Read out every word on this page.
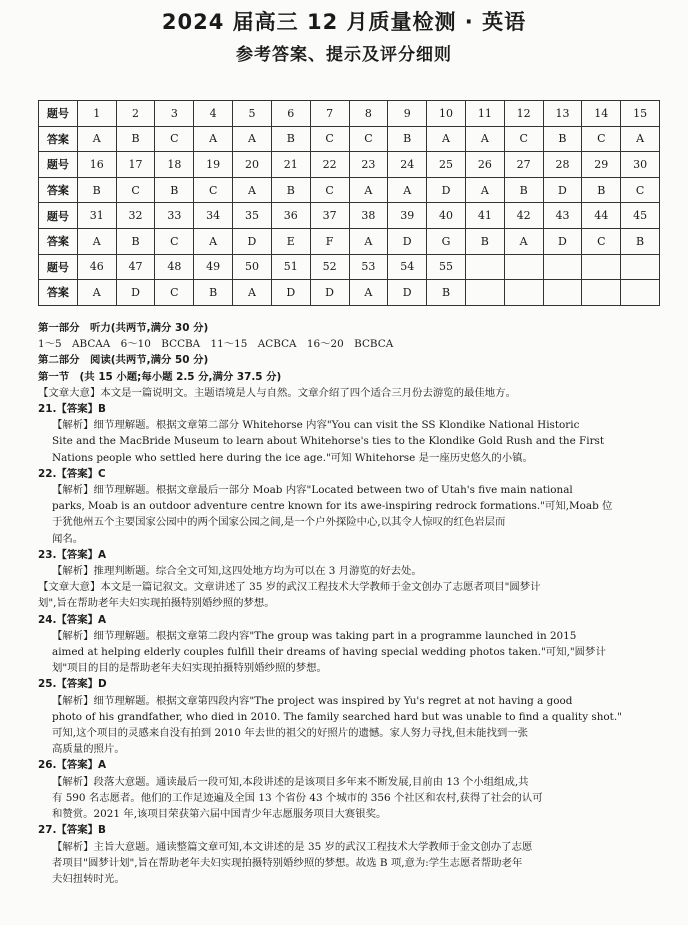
2024 届高三 12 月质量检测 · 英语
参考答案、提示及评分细则
题号	1	2	3	4	5	6	7	8	9	10	11	12	13	14	15
答案	A	B	C	A	A	B	C	C	B	A	A	C	B	C	A
题号	16	17	18	19	20	21	22	23	24	25	26	27	28	29	30
答案	B	C	B	C	A	B	C	A	A	D	A	B	D	B	C
题号	31	32	33	34	35	36	37	38	39	40	41	42	43	44	45
答案	A	B	C	A	D	E	F	A	D	G	B	A	D	C	B
题号	46	47	48	49	50	51	52	53	54	55					
答案	A	D	C	B	A	D	D	A	D	B					
第一部分　听力(共两节,满分 30 分)
1～5　ABCAA　6～10　BCCBA　11～15　ACBCA　16～20　BCBCA
第二部分　阅读(共两节,满分 50 分)
第一节　(共 15 小题;每小题 2.5 分,满分 37.5 分)
【文章大意】本文是一篇说明文。主题语境是人与自然。文章介绍了四个适合三月份去游览的最佳地方。
21.【答案】B
【解析】细节理解题。根据文章第二部分 Whitehorse 内容"You can visit the SS Klondike National Historic
Site and the MacBride Museum to learn about Whitehorse's ties to the Klondike Gold Rush and the First
Nations people who settled here during the ice age."可知 Whitehorse 是一座历史悠久的小镇。
22.【答案】C
【解析】细节理解题。根据文章最后一部分 Moab 内容"Located between two of Utah's five main national
parks, Moab is an outdoor adventure centre known for its awe-inspiring redrock formations."可知,Moab 位
于犹他州五个主要国家公园中的两个国家公园之间,是一个户外探险中心,以其令人惊叹的红色岩层而
闻名。
23.【答案】A
【解析】推理判断题。综合全文可知,这四处地方均为可以在 3 月游览的好去处。
【文章大意】本文是一篇记叙文。文章讲述了 35 岁的武汉工程技术大学教师于金文创办了志愿者项目"圆梦计
划",旨在帮助老年夫妇实现拍摄特别婚纱照的梦想。
24.【答案】A
【解析】细节理解题。根据文章第二段内容"The group was taking part in a programme launched in 2015
aimed at helping elderly couples fulfill their dreams of having special wedding photos taken."可知,"圆梦计
划"项目的目的是帮助老年夫妇实现拍摄特别婚纱照的梦想。
25.【答案】D
【解析】细节理解题。根据文章第四段内容"The project was inspired by Yu's regret at not having a good
photo of his grandfather, who died in 2010. The family searched hard but was unable to find a quality shot."
可知,这个项目的灵感来自没有拍到 2010 年去世的祖父的好照片的遗憾。家人努力寻找,但未能找到一张
高质量的照片。
26.【答案】A
【解析】段落大意题。通读最后一段可知,本段讲述的是该项目多年来不断发展,目前由 13 个小组组成,共
有 590 名志愿者。他们的工作足迹遍及全国 13 个省份 43 个城市的 356 个社区和农村,获得了社会的认可
和赞赏。2021 年,该项目荣获第六届中国青少年志愿服务项目大赛银奖。
27.【答案】B
【解析】主旨大意题。通读整篇文章可知,本文讲述的是 35 岁的武汉工程技术大学教师于金文创办了志愿
者项目"圆梦计划",旨在帮助老年夫妇实现拍摄特别婚纱照的梦想。故选 B 项,意为:学生志愿者帮助老年
夫妇扭转时光。
